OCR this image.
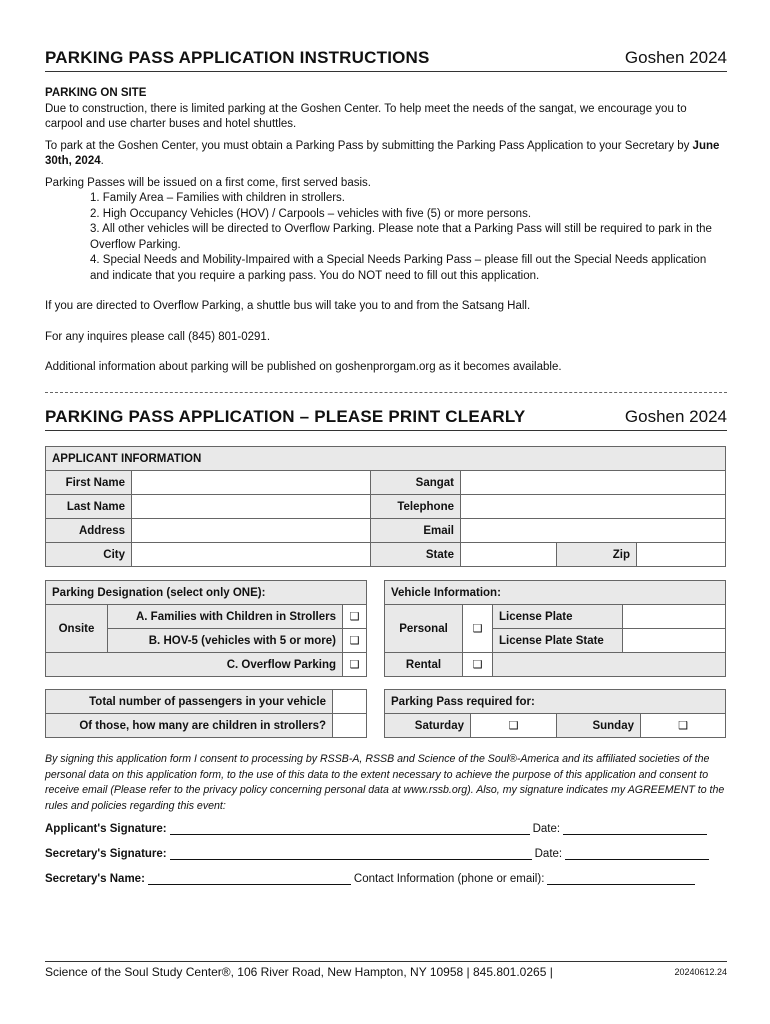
PARKING PASS APPLICATION INSTRUCTIONS	Goshen 2024

PARKING ON SITE

Due to construction, there is limited parking at the Goshen Center. To help meet the needs of the sangat, we encourage you to carpool and use charter buses and hotel shuttles.

To park at the Goshen Center, you must obtain a Parking Pass by submitting the Parking Pass Application to your Secretary by June 30th, 2024.

Parking Passes will be issued on a first come, first served basis.

1. Family Area – Families with children in strollers.
2. High Occupancy Vehicles (HOV) / Carpools – vehicles with five (5) or more persons.
3. All other vehicles will be directed to Overflow Parking. Please note that a Parking Pass will still be required to park in the Overflow Parking.
4. Special Needs and Mobility-Impaired with a Special Needs Parking Pass – please fill out the Special Needs application and indicate that you require a parking pass. You do NOT need to fill out this application.

If you are directed to Overflow Parking, a shuttle bus will take you to and from the Satsang Hall.

For any inquires please call (845) 801-0291.

Additional information about parking will be published on goshenprorgam.org as it becomes available.

PARKING PASS APPLICATION – PLEASE PRINT CLEARLY	Goshen 2024
APPLICANT INFORMATION					
First Name		Sangat			
Last Name		Telephone			
Address		Email			
City		State		Zip	
Parking Designation (select only ONE):		
Onsite	A. Families with Children in Strollers	❑
	B. HOV-5 (vehicles with 5 or more)	❑
C. Overflow Parking		❑
Vehicle Information:			
Personal	❑	License Plate	
		License Plate State	
Rental	❑		
Total number of passengers in your vehicle	
Of those, how many are children in strollers?	
Parking Pass required for:
Saturday	❑	Sunday	❑

By signing this application form I consent to processing by RSSB-A, RSSB and Science of the Soul®-America and its affiliated societies of the personal data on this application form, to the use of this data to the extent necessary to achieve the purpose of this application and consent to receive email (Please refer to the privacy policy concerning personal data at www.rssb.org). Also, my signature indicates my AGREEMENT to the rules and policies regarding this event:

Applicant's Signature:	Date:
Secretary's Signature:	Date:
Secretary's Name:	Contact Information (phone or email):
Science of the Soul Study Center®, 106 River Road, New Hampton, NY 10958 | 845.801.0265 |	20240612.24
